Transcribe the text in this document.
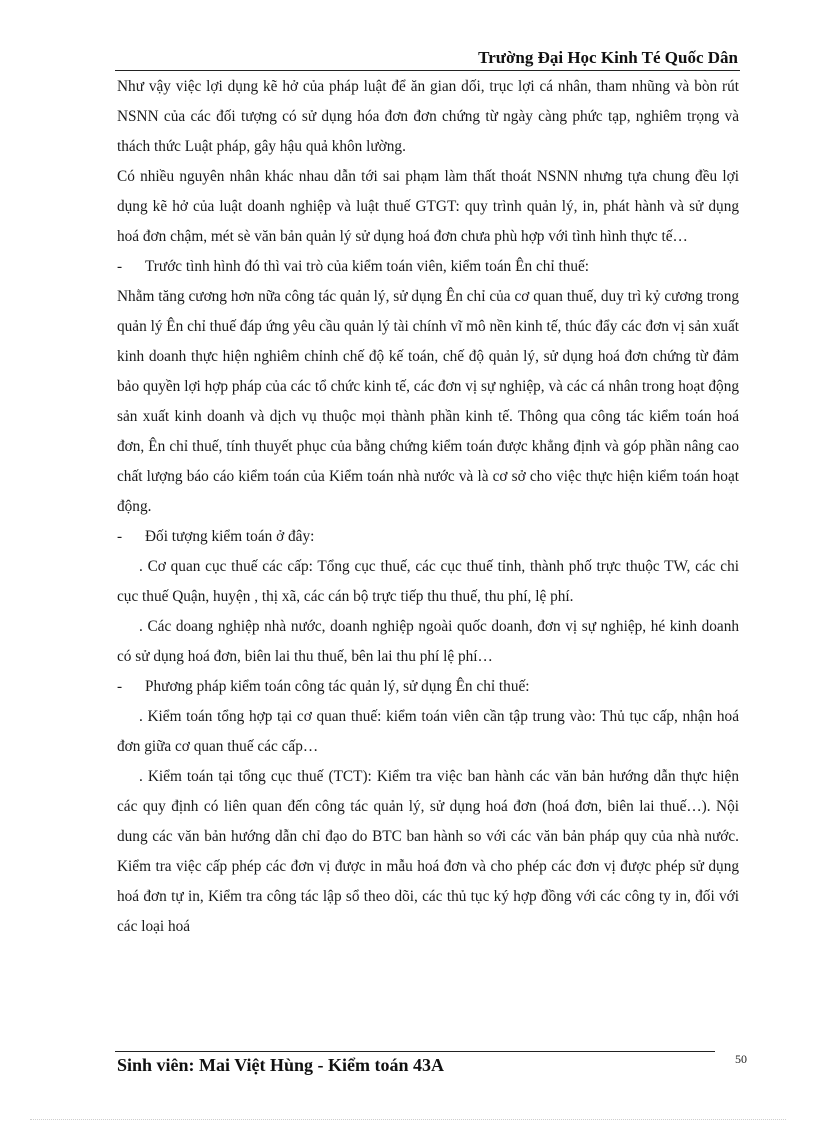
Trường Đại Học Kinh Té Quốc Dân

Như vậy việc lợi dụng kẽ hở của pháp luật để ăn gian dối, trục lợi cá nhân, tham nhũng và bòn rút NSNN của các đối tượng có sử dụng hóa đơn đơn chứng từ ngày càng phức tạp, nghiêm trọng và thách thức Luật pháp, gây hậu quả khôn lường.

Có nhiều nguyên nhân khác nhau dẫn tới sai phạm làm thất thoát NSNN nhưng tựa chung đều lợi dụng kẽ hở của luật doanh nghiệp và luật thuế GTGT: quy trình quản lý, in, phát hành và sử dụng hoá đơn chậm, mét sè văn bản quản lý sử dụng hoá đơn chưa phù hợp với tình hình thực tế…

-	Trước tình hình đó thì vai trò của kiểm toán viên, kiểm toán Ên chỉ thuế:

Nhằm tăng cương hơn nữa công tác quản lý, sử dụng Ên chỉ của cơ quan thuế, duy trì kỷ cương trong quản lý Ên chỉ thuế đáp ứng yêu cầu quản lý tài chính vĩ mô nền kinh tế, thúc đẩy các đơn vị sản xuất kinh doanh thực hiện nghiêm chỉnh chế độ kế toán, chế độ quản lý, sử dụng hoá đơn chứng từ đảm bảo quyền lợi hợp pháp của các tổ chức kinh tế, các đơn vị sự nghiệp, và các cá nhân trong hoạt động sản xuất kinh doanh và dịch vụ thuộc mọi thành phần kinh tế. Thông qua công tác kiểm toán hoá đơn, Ên chỉ thuế, tính thuyết phục của bằng chứng kiểm toán được khẳng định và góp phần nâng cao chất lượng báo cáo kiểm toán của Kiểm toán nhà nước và là cơ sở cho việc thực hiện kiểm toán hoạt động.

-	Đối tượng kiểm toán ở đây:

. Cơ quan cục thuế các cấp: Tổng cục thuế, các cục thuế tỉnh, thành phố trực thuộc TW, các chi cục thuế Quận, huyện , thị xã, các cán bộ trực tiếp thu thuế, thu phí, lệ phí.

. Các doang nghiệp nhà nước, doanh nghiệp ngoài quốc doanh, đơn vị sự nghiệp, hé kinh doanh có sử dụng hoá đơn, biên lai thu thuế, bên lai thu phí lệ phí…

-	Phương pháp kiểm toán công tác quản lý, sử dụng Ên chỉ thuế:

. Kiểm toán tổng hợp tại cơ quan thuế: kiểm toán viên cần tập trung vào: Thủ tục cấp, nhận hoá đơn giữa cơ quan thuế các cấp…

. Kiểm toán tại tổng cục thuế (TCT): Kiểm tra việc ban hành các văn bản hướng dẫn thực hiện các quy định có liên quan đến công tác quản lý, sử dụng hoá đơn (hoá đơn, biên lai thuế…). Nội dung các văn bản hướng dẫn chỉ đạo do BTC ban hành so với các văn bản pháp quy của nhà nước. Kiểm tra việc cấp phép các đơn vị được in mẫu hoá đơn và cho phép các đơn vị được phép sử dụng hoá đơn tự in, Kiểm tra công tác lập sổ theo dõi, các thủ tục ký hợp đồng với các công ty in, đối với các loại hoá

Sinh viên: Mai Việt Hùng - Kiểm toán 43A	50
